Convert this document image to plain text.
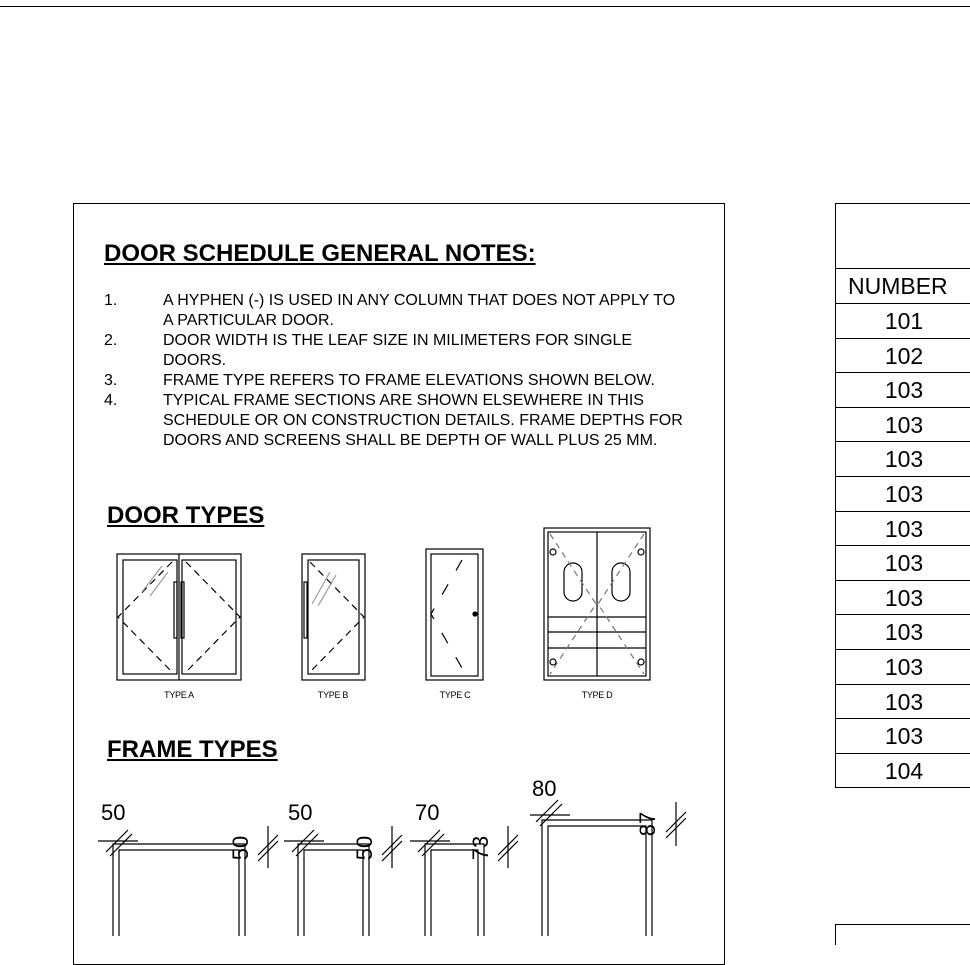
DOOR SCHEDULE GENERAL NOTES:
1.	A HYPHEN (-) IS USED IN ANY COLUMN THAT DOES NOT APPLY TO A PARTICULAR DOOR.
2.	DOOR WIDTH IS THE LEAF SIZE IN MILIMETERS FOR SINGLE DOORS.
3.	FRAME TYPE REFERS TO FRAME ELEVATIONS SHOWN BELOW.
4.	TYPICAL FRAME SECTIONS ARE SHOWN ELSEWHERE IN THIS SCHEDULE OR ON CONSTRUCTION DETAILS. FRAME DEPTHS FOR DOORS AND SCREENS SHALL BE DEPTH OF WALL PLUS 25 MM.
DOOR TYPES
TYPE A	TYPE B	TYPE C	TYPE D
FRAME TYPES
50
50
50
50
70
73
80
87
NUMBER
101
102
103
103
103
103
103
103
103
103
103
103
103
104
